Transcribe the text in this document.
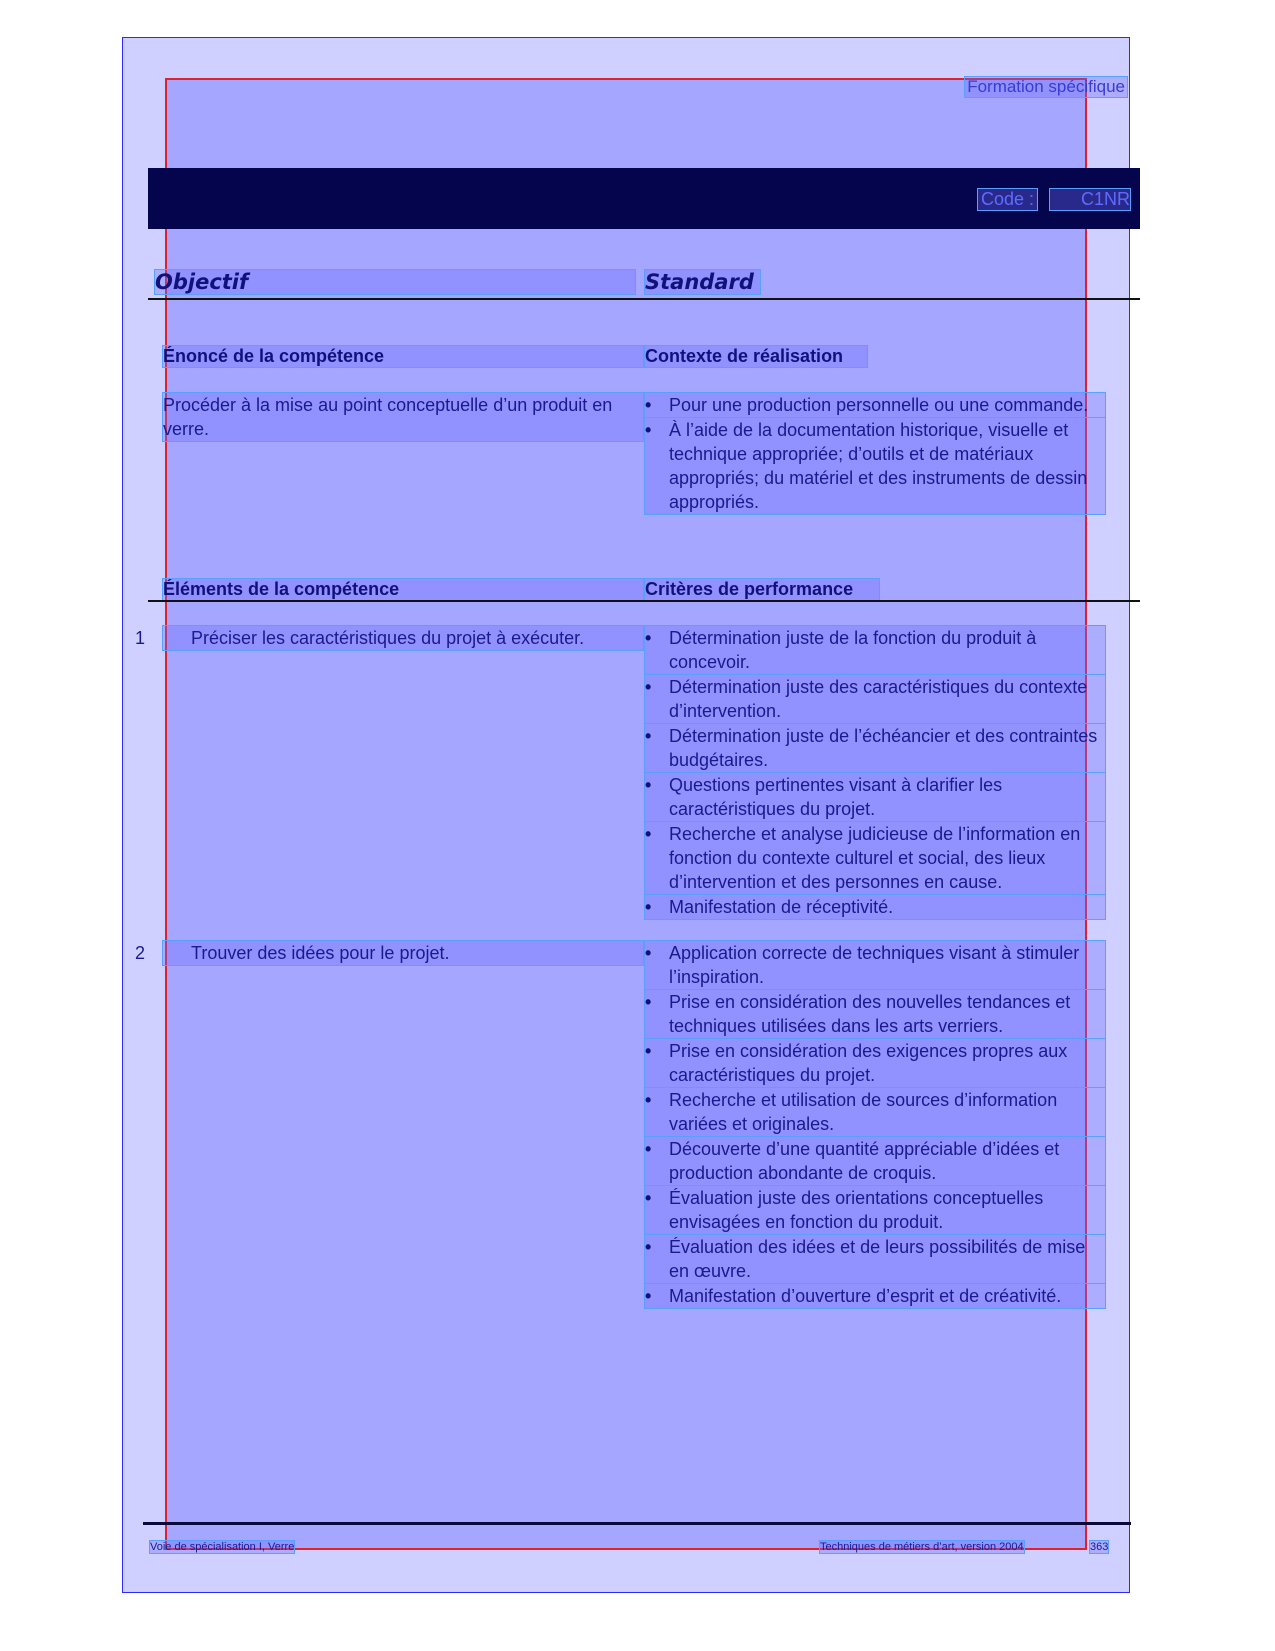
Formation spécifique
Code :	C1NR
Objectif	Standard
Énoncé de la compétence	Contexte de réalisation
Procéder à la mise au point conceptuelle d’un produit en verre.
• Pour une production personnelle ou une commande.
• À l’aide de la documentation historique, visuelle et technique appropriée; d’outils et de matériaux appropriés; du matériel et des instruments de dessin appropriés.
Éléments de la compétence	Critères de performance
1	Préciser les caractéristiques du projet à exécuter.	• Détermination juste de la fonction du produit à concevoir.
• Détermination juste des caractéristiques du contexte d’intervention.
• Détermination juste de l’échéancier et des contraintes budgétaires.
• Questions pertinentes visant à clarifier les caractéristiques du projet.
• Recherche et analyse judicieuse de l’information en fonction du contexte culturel et social, des lieux d’intervention et des personnes en cause.
• Manifestation de réceptivité.
2	Trouver des idées pour le projet.	• Application correcte de techniques visant à stimuler l’inspiration.
• Prise en considération des nouvelles tendances et techniques utilisées dans les arts verriers.
• Prise en considération des exigences propres aux caractéristiques du projet.
• Recherche et utilisation de sources d’information variées et originales.
• Découverte d’une quantité appréciable d’idées et production abondante de croquis.
• Évaluation juste des orientations conceptuelles envisagées en fonction du produit.
• Évaluation des idées et de leurs possibilités de mise en œuvre.
• Manifestation d’ouverture d’esprit et de créativité.
Voie de spécialisation I, Verre	Techniques de métiers d’art, version 2004	363
